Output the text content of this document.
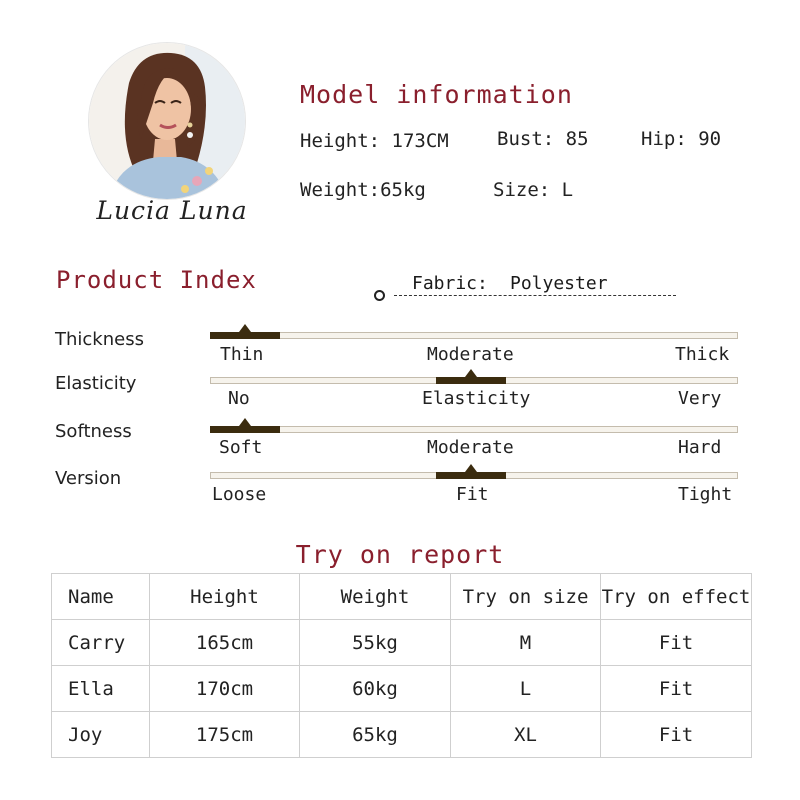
Lucia Luna
Model information
Height: 173CM	Bust: 85	Hip: 90
Weight:65kg	Size: L
Product Index	Fabric: Polyester
Thickness
Thin	Moderate	Thick
Elasticity
No	Elasticity	Very
Softness
Soft	Moderate	Hard
Version
Loose	Fit	Tight
Try on report
Name	Height	Weight	Try on size	Try on effect
Carry	165cm	55kg	M	Fit
Ella	170cm	60kg	L	Fit
Joy	175cm	65kg	XL	Fit
